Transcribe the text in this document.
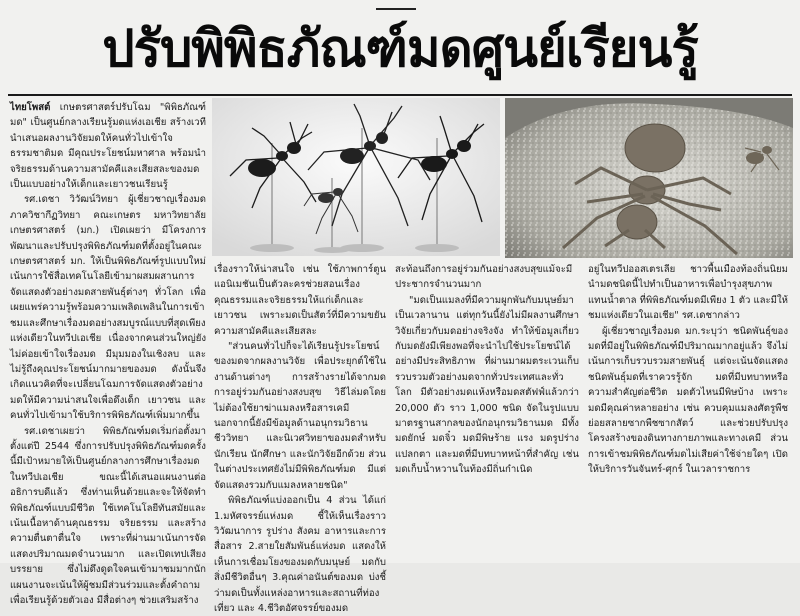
ปรับพิพิธภัณฑ์มดศูนย์เรียนรู้

ไทยโพสต์ เกษตรศาสตร์ปรับโฉม "พิพิธภัณฑ์มด" เป็นศูนย์กลางเรียนรู้มดแห่งเอเชีย สร้างเวทีนำเสนอผลงานวิจัยมดให้คนทั่วไปเข้าใจธรรมชาติมด มีคุณประโยชน์มหาศาล พร้อมนำจริยธรรมด้านความสามัคคีและเสียสละของมดเป็นแบบอย่างให้เด็กและเยาวชนเรียนรู้

รศ.เดชา วิวัฒน์วิทยา ผู้เชี่ยวชาญเรื่องมด ภาควิชากีฏวิทยา คณะเกษตร มหาวิทยาลัยเกษตรศาสตร์ (มก.) เปิดเผยว่า มีโครงการพัฒนาและปรับปรุงพิพิธภัณฑ์มดที่ตั้งอยู่ในคณะเกษตรศาสตร์ มก. ให้เป็นพิพิธภัณฑ์รูปแบบใหม่เน้นการใช้สื่อเทคโนโลยีเข้ามาผสมผสานการจัดแสดงตัวอย่างมดสายพันธุ์ต่างๆ ทั่วโลก เพื่อเผยแพร่ความรู้พร้อมความเพลิดเพลินในการเข้าชมและศึกษาเรื่องมดอย่างสมบูรณ์แบบที่สุดเพียงแห่งเดียวในทวีปเอเชีย เนื่องจากคนส่วนใหญ่ยังไม่ค่อยเข้าใจเรื่องมด มีมุมมองในเชิงลบ และไม่รู้ถึงคุณประโยชน์มากมายของมด ดังนั้นจึงเกิดแนวคิดที่จะเปลี่ยนโฉมการจัดแสดงตัวอย่างมดให้มีความน่าสนใจเพื่อดึงเด็ก เยาวชน และคนทั่วไปเข้ามาใช้บริการพิพิธภัณฑ์เพิ่มมากขึ้น

รศ.เดชาเผยว่า พิพิธภัณฑ์มดเริ่มก่อตั้งมาตั้งแต่ปี 2544 ซึ่งการปรับปรุงพิพิธภัณฑ์มดครั้งนี้มีเป้าหมายให้เป็นศูนย์กลางการศึกษาเรื่องมดในทวีปเอเชีย ขณะนี้ได้เสนอแผนงานต่ออธิการบดีแล้ว ซึ่งท่านเห็นด้วยและจะให้จัดทำพิพิธภัณฑ์แบบมีชีวิต ใช้เทคโนโลยีทันสมัยและเน้นเนื้อหาด้านคุณธรรม จริยธรรม และสร้างความตื่นตาตื่นใจ เพราะที่ผ่านมาเน้นการจัดแสดงปริมาณมดจำนวนมาก และเปิดเทปเสียงบรรยาย ซึ่งไม่ดึงดูดใจคนเข้ามาชมมากนัก แผนงานจะเน้นให้ผู้ชมมีส่วนร่วมและตั้งคำถามเพื่อเรียนรู้ด้วยตัวเอง มีสื่อต่างๆ ช่วยเสริมสร้าง

เรื่องราวให้น่าสนใจ เช่น ใช้ภาพการ์ตูนแอนิเมชันเป็นตัวละครช่วยสอนเรื่องคุณธรรมและจริยธรรมให้แก่เด็กและเยาวชน เพราะมดเป็นสัตว์ที่มีความขยัน ความสามัคคีและเสียสละ

"ส่วนคนทั่วไปก็จะได้เรียนรู้ประโยชน์ของมดจากผลงานวิจัย เพื่อประยุกต์ใช้ในงานด้านต่างๆ การสร้างรายได้จากมด การอยู่ร่วมกันอย่างสงบสุข วิธีไล่มดโดยไม่ต้องใช้ยาฆ่าแมลงหรือสารเคมี นอกจากนี้ยังมีข้อมูลด้านอนุกรมวิธาน ชีววิทยา และนิเวศวิทยาของมดสำหรับนักเรียน นักศึกษา และนักวิจัยอีกด้วย ส่วนในต่างประเทศยังไม่มีพิพิธภัณฑ์มด มีแต่จัดแสดงรวมกับแมลงหลายชนิด"

พิพิธภัณฑ์แบ่งออกเป็น 4 ส่วน ได้แก่ 1.มหัศจรรย์แห่งมด ชี้ให้เห็นเรื่องราววิวัฒนาการ รูปร่าง สังคม อาหารและการสื่อสาร 2.สายใยสัมพันธ์แห่งมด แสดงให้เห็นการเชื่อมโยงของมดกับมนุษย์ มดกับสิ่งมีชีวิตอื่นๆ 3.คุณค่าอนันต์ของมด บ่งชี้ว่ามดเป็นทั้งแหล่งอาหารและสถานที่ท่องเที่ยว และ 4.ชีวิตอัศจรรย์ของมด

สะท้อนถึงการอยู่ร่วมกันอย่างสงบสุขแม้จะมีประชากรจำนวนมาก

"มดเป็นแมลงที่มีความผูกพันกับมนุษย์มาเป็นเวลานาน แต่ทุกวันนี้ยังไม่มีผลงานศึกษาวิจัยเกี่ยวกับมดอย่างจริงจัง ทำให้ข้อมูลเกี่ยวกับมดยังมีเพียงพอที่จะนำไปใช้ประโยชน์ได้อย่างมีประสิทธิภาพ ที่ผ่านมาผมตระเวนเก็บรวบรวมตัวอย่างมดจากทั่วประเทศและทั่วโลก มีตัวอย่างมดแห้งหรือมดสตัฟฟ์แล้วกว่า 20,000 ตัว ราว 1,000 ชนิด จัดในรูปแบบมาตรฐานสากลของนักอนุกรมวิธานมด มีทั้งมดยักษ์ มดจิ๋ว มดมีพิษร้าย แรง มดรูปร่างแปลกตา และมดที่มีบทบาทหน้าที่สำคัญ เช่น มดเก็บน้ำหวานในท้องมีถิ่นกำเนิด

อยู่ในทวีปออสเตรเลีย ชาวพื้นเมืองท้องถิ่นนิยมนำมดชนิดนี้ไปทำเป็นอาหารเพื่อบำรุงสุขภาพแทนน้ำตาล ที่พิพิธภัณฑ์มดมีเพียง 1 ตัว และมีให้ชมแห่งเดียวในเอเชีย" รศ.เดชากล่าว

ผู้เชี่ยวชาญเรื่องมด มก.ระบุว่า ชนิดพันธุ์ของมดที่มีอยู่ในพิพิธภัณฑ์มีปริมาณมากอยู่แล้ว จึงไม่เน้นการเก็บรวบรวมสายพันธุ์ แต่จะเน้นจัดแสดงชนิดพันธุ์มดที่เราควรรู้จัก มดที่มีบทบาทหรือความสำคัญต่อชีวิต มดตัวไหนมีพิษบ้าง เพราะมดมีคุณค่าหลายอย่าง เช่น ควบคุมแมลงศัตรูพืช ย่อยสลายซากพืชซากสัตว์ และช่วยปรับปรุงโครงสร้างของดินทางกายภาพและทางเคมี ส่วนการเข้าชมพิพิธภัณฑ์มดไม่เสียค่าใช้จ่ายใดๆ เปิดให้บริการวันจันทร์-ศุกร์ ในเวลาราชการ
